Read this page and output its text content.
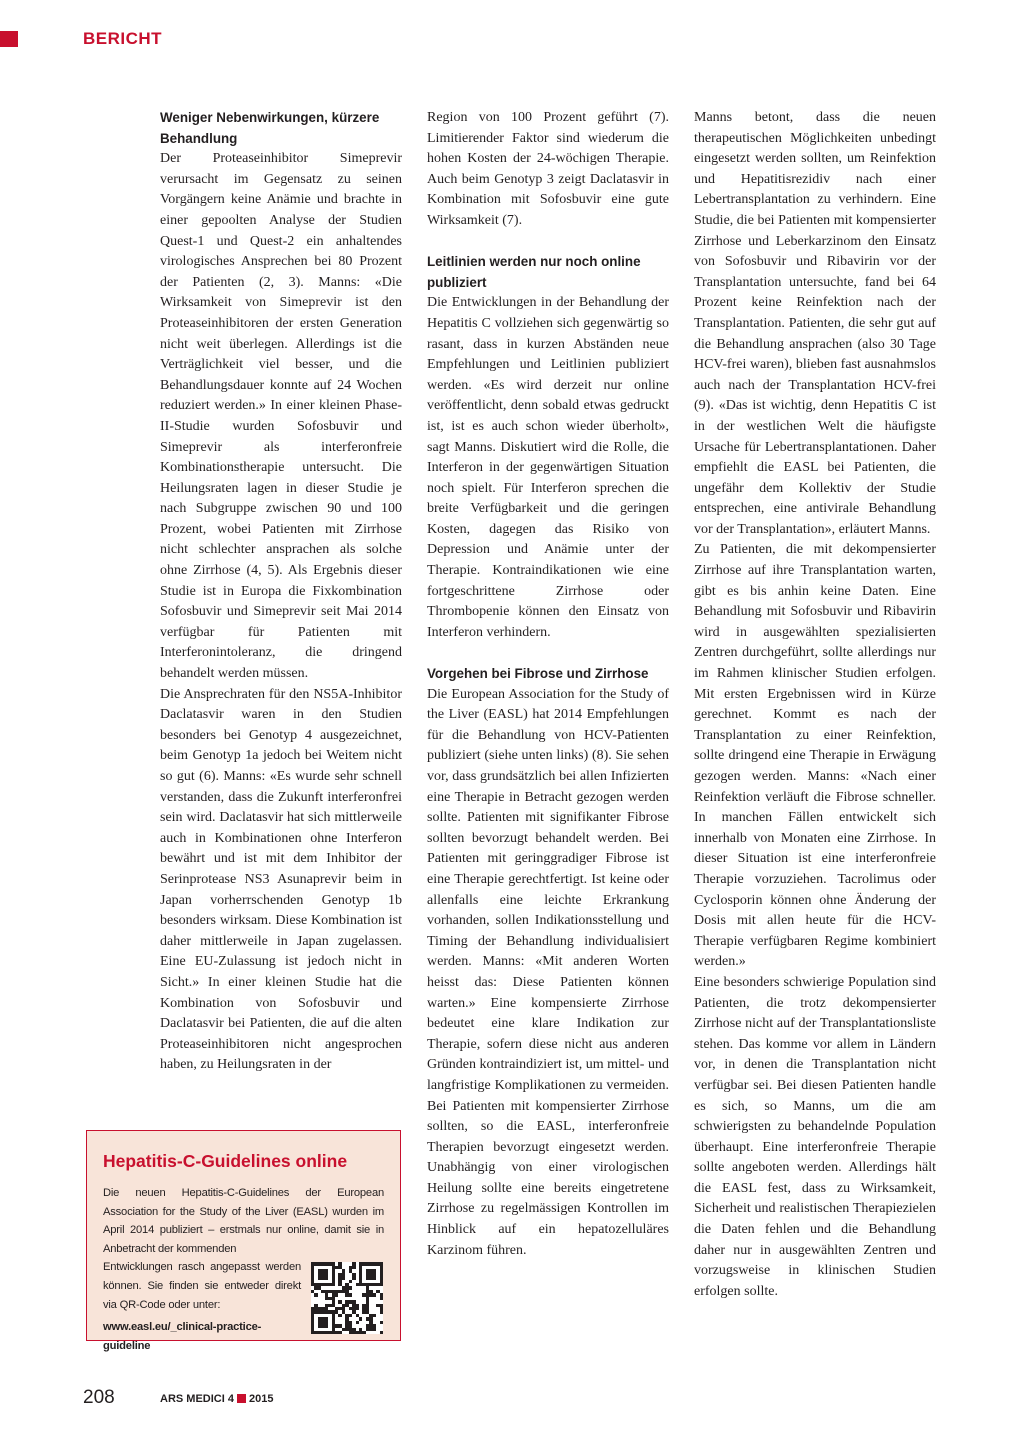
BERICHT
Weniger Nebenwirkungen, kürzere Behandlung

Der Proteaseinhibitor Simeprevir verursacht im Gegensatz zu seinen Vorgängern keine Anämie und brachte in einer gepoolten Analyse der Studien Quest-1 und Quest-2 ein anhaltendes virologisches Ansprechen bei 80 Prozent der Patienten (2, 3). Manns: «Die Wirksamkeit von Simeprevir ist den Proteaseinhibitoren der ersten Generation nicht weit überlegen. Allerdings ist die Verträglichkeit viel besser, und die Behandlungsdauer konnte auf 24 Wochen reduziert werden.» In einer kleinen Phase-II-Studie wurden Sofosbuvir und Simeprevir als interferonfreie Kombinationstherapie untersucht. Die Heilungsraten lagen in dieser Studie je nach Subgruppe zwischen 90 und 100 Prozent, wobei Patienten mit Zirrhose nicht schlechter ansprachen als solche ohne Zirrhose (4, 5). Als Ergebnis dieser Studie ist in Europa die Fixkombination Sofosbuvir und Simeprevir seit Mai 2014 verfügbar für Patienten mit Interferonintoleranz, die dringend behandelt werden müssen.

Die Ansprechraten für den NS5A-Inhibitor Daclatasvir waren in den Studien besonders bei Genotyp 4 ausgezeichnet, beim Genotyp 1a jedoch bei Weitem nicht so gut (6). Manns: «Es wurde sehr schnell verstanden, dass die Zukunft interferonfrei sein wird. Daclatasvir hat sich mittlerweile auch in Kombinationen ohne Interferon bewährt und ist mit dem Inhibitor der Serinprotease NS3 Asunaprevir beim in Japan vorherrschenden Genotyp 1b besonders wirksam. Diese Kombination ist daher mittlerweile in Japan zugelassen. Eine EU-Zulassung ist jedoch nicht in Sicht.» In einer kleinen Studie hat die Kombination von Sofosbuvir und Daclatasvir bei Patienten, die auf die alten Proteaseinhibitoren nicht angesprochen haben, zu Heilungsraten in der

Region von 100 Prozent geführt (7). Limitierender Faktor sind wiederum die hohen Kosten der 24-wöchigen Therapie. Auch beim Genotyp 3 zeigt Daclatasvir in Kombination mit Sofosbuvir eine gute Wirksamkeit (7).

Leitlinien werden nur noch online publiziert

Die Entwicklungen in der Behandlung der Hepatitis C vollziehen sich gegenwärtig so rasant, dass in kurzen Abständen neue Empfehlungen und Leitlinien publiziert werden. «Es wird derzeit nur online veröffentlicht, denn sobald etwas gedruckt ist, ist es auch schon wieder überholt», sagt Manns. Diskutiert wird die Rolle, die Interferon in der gegenwärtigen Situation noch spielt. Für Interferon sprechen die breite Verfügbarkeit und die geringen Kosten, dagegen das Risiko von Depression und Anämie unter der Therapie. Kontraindikationen wie eine fortgeschrittene Zirrhose oder Thrombopenie können den Einsatz von Interferon verhindern.

Vorgehen bei Fibrose und Zirrhose

Die European Association for the Study of the Liver (EASL) hat 2014 Empfehlungen für die Behandlung von HCV-Patienten publiziert (siehe unten links) (8). Sie sehen vor, dass grundsätzlich bei allen Infizierten eine Therapie in Betracht gezogen werden sollte. Patienten mit signifikanter Fibrose sollten bevorzugt behandelt werden. Bei Patienten mit geringgradiger Fibrose ist eine Therapie gerechtfertigt. Ist keine oder allenfalls eine leichte Erkrankung vorhanden, sollen Indikationsstellung und Timing der Behandlung individualisiert werden. Manns: «Mit anderen Worten heisst das: Diese Patienten können warten.» Eine kompensierte Zirrhose bedeutet eine klare Indikation zur Therapie, sofern diese nicht aus anderen Gründen kontraindiziert ist, um mittel- und langfristige Komplikationen zu vermeiden. Bei Patienten mit kompensierter Zirrhose sollten, so die EASL, interferonfreie Therapien bevorzugt eingesetzt werden. Unabhängig von einer virologischen Heilung sollte eine bereits eingetretene Zirrhose zu regelmässigen Kontrollen im Hinblick auf ein hepatozelluläres Karzinom führen.

Manns betont, dass die neuen therapeutischen Möglichkeiten unbedingt eingesetzt werden sollten, um Reinfektion und Hepatitisrezidiv nach einer Lebertransplantation zu verhindern. Eine Studie, die bei Patienten mit kompensierter Zirrhose und Leberkarzinom den Einsatz von Sofosbuvir und Ribavirin vor der Transplantation untersuchte, fand bei 64 Prozent keine Reinfektion nach der Transplantation. Patienten, die sehr gut auf die Behandlung ansprachen (also 30 Tage HCV-frei waren), blieben fast ausnahmslos auch nach der Transplantation HCV-frei (9). «Das ist wichtig, denn Hepatitis C ist in der westlichen Welt die häufigste Ursache für Lebertransplantationen. Daher empfiehlt die EASL bei Patienten, die ungefähr dem Kollektiv der Studie entsprechen, eine antivirale Behandlung vor der Transplantation», erläutert Manns.

Zu Patienten, die mit dekompensierter Zirrhose auf ihre Transplantation warten, gibt es bis anhin keine Daten. Eine Behandlung mit Sofosbuvir und Ribavirin wird in ausgewählten spezialisierten Zentren durchgeführt, sollte allerdings nur im Rahmen klinischer Studien erfolgen. Mit ersten Ergebnissen wird in Kürze gerechnet. Kommt es nach der Transplantation zu einer Reinfektion, sollte dringend eine Therapie in Erwägung gezogen werden. Manns: «Nach einer Reinfektion verläuft die Fibrose schneller. In manchen Fällen entwickelt sich innerhalb von Monaten eine Zirrhose. In dieser Situation ist eine interferonfreie Therapie vorzuziehen. Tacrolimus oder Cyclosporin können ohne Änderung der Dosis mit allen heute für die HCV-Therapie verfügbaren Regime kombiniert werden.»

Eine besonders schwierige Population sind Patienten, die trotz dekompensierter Zirrhose nicht auf der Transplantationsliste stehen. Das komme vor allem in Ländern vor, in denen die Transplantation nicht verfügbar sei. Bei diesen Patienten handle es sich, so Manns, um die am schwierigsten zu behandelnde Population überhaupt. Eine interferonfreie Therapie sollte angeboten werden. Allerdings hält die EASL fest, dass zu Wirksamkeit, Sicherheit und realistischen Therapiezielen die Daten fehlen und die Behandlung daher nur in ausgewählten Zentren und vorzugsweise in klinischen Studien erfolgen sollte.

Hepatitis-C-Guidelines online
Die neuen Hepatitis-C-Guidelines der European Association for the Study of the Liver (EASL) wurden im April 2014 publiziert – erstmals nur online, damit sie in Anbetracht der kommenden
Entwicklungen rasch angepasst werden können. Sie finden sie entweder direkt via QR-Code oder unter:
www.easl.eu/_clinical-practice-guideline
208	ARS MEDICI 4 2015
